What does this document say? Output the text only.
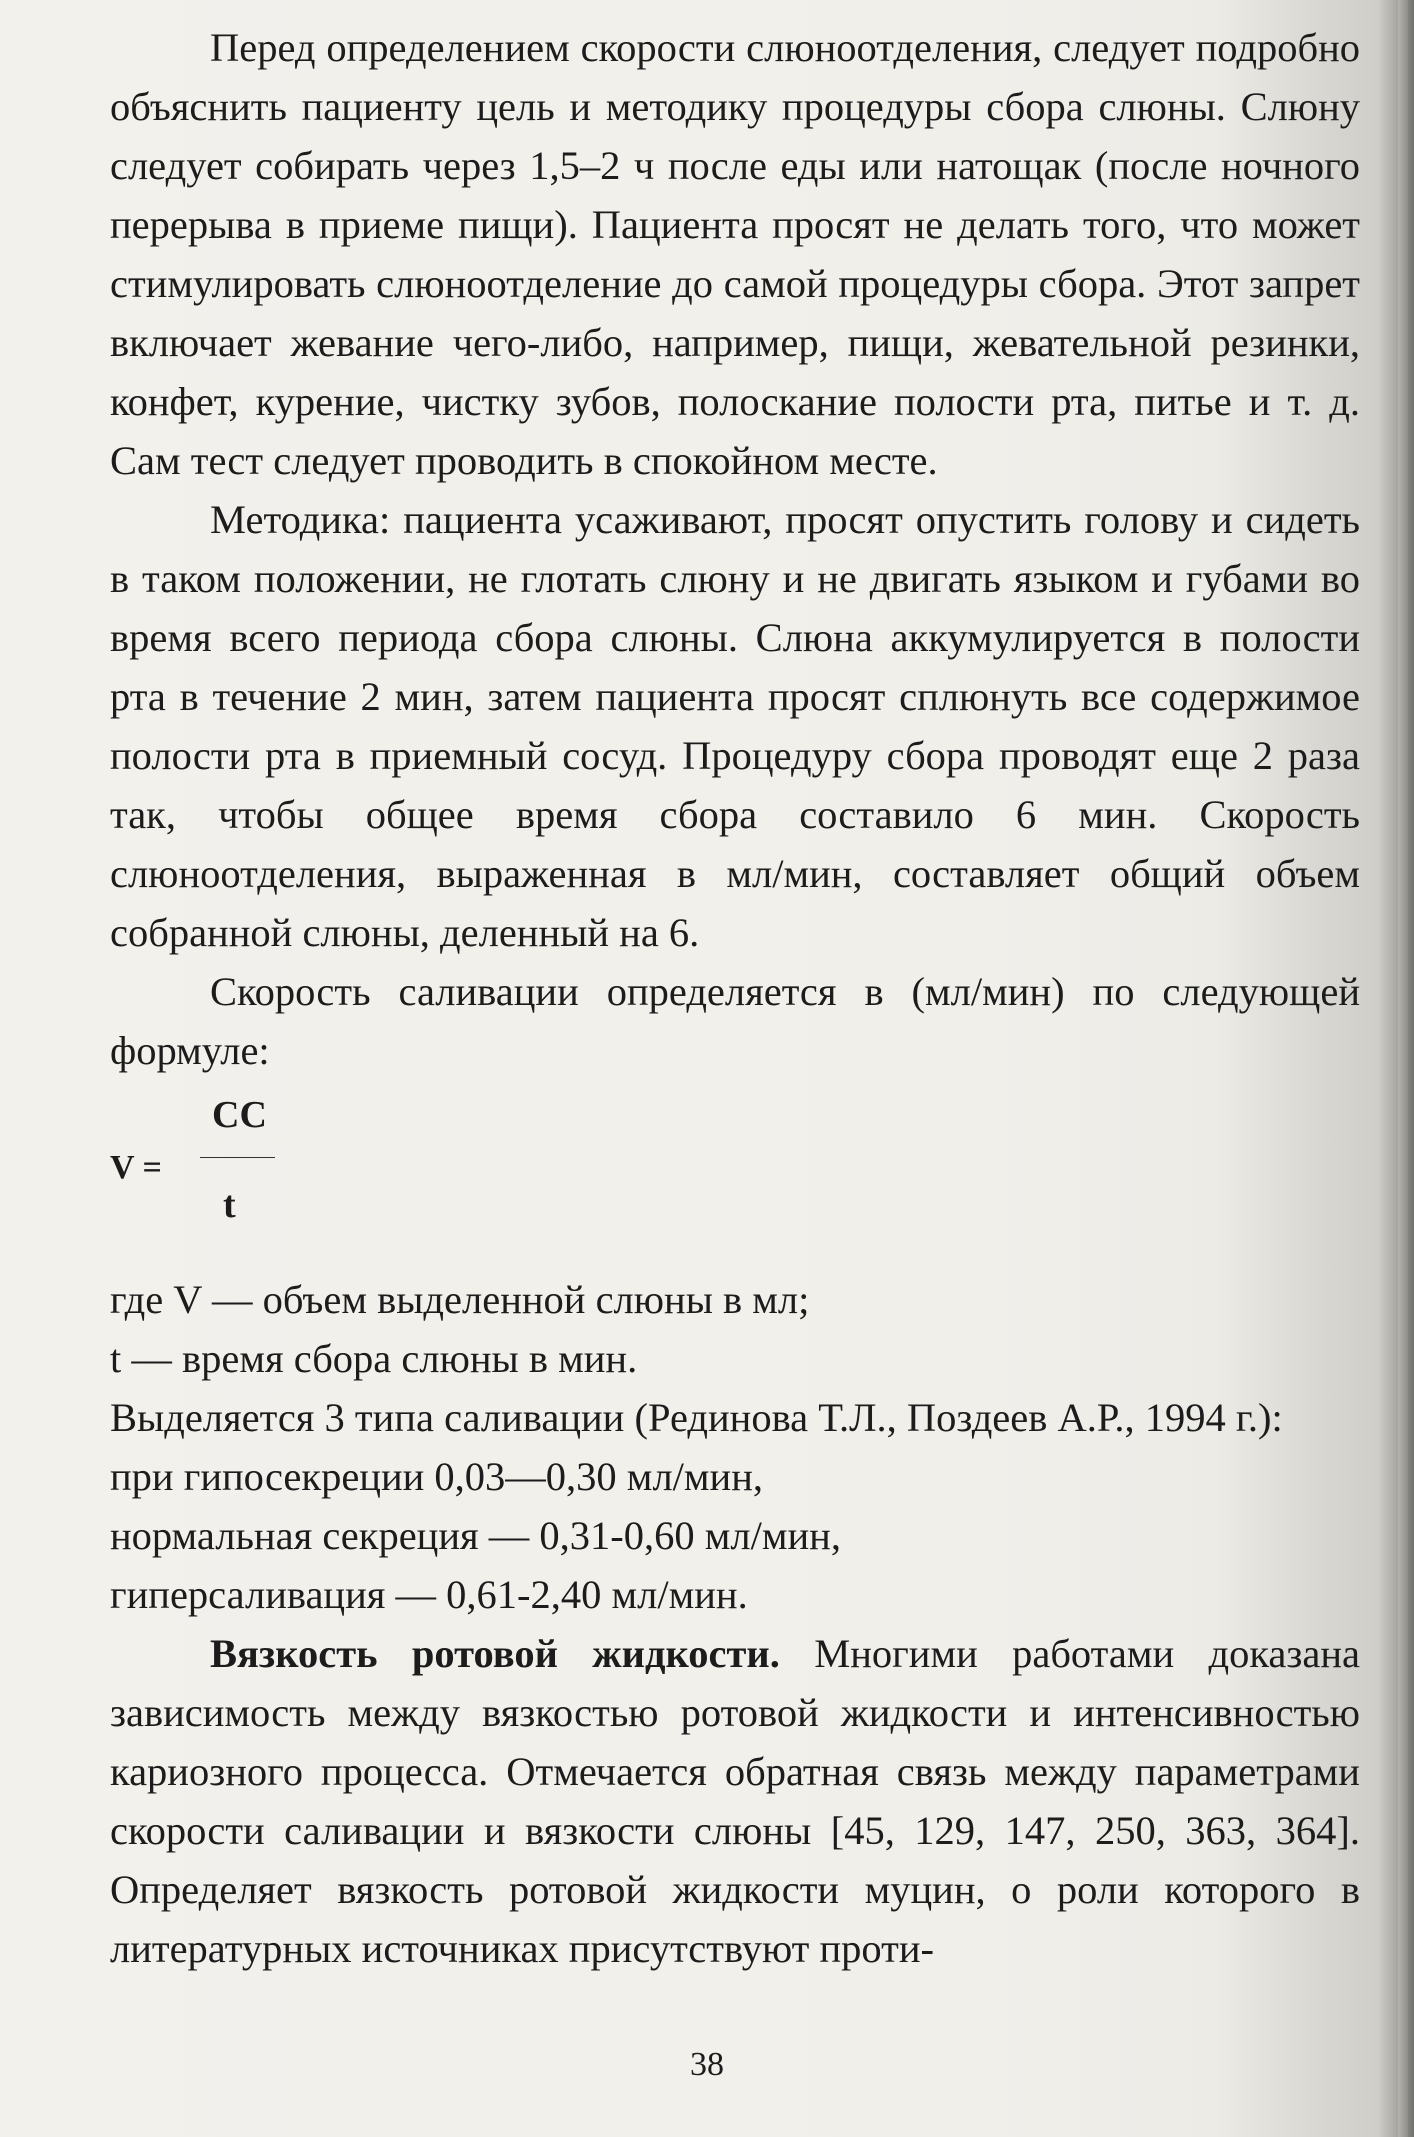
Перед определением скорости слюноотделения, следует подробно объяснить пациенту цель и методику процедуры сбора слюны. Слюну следует собирать через 1,5–2 ч после еды или натощак (после ночного перерыва в приеме пищи). Пациента просят не делать того, что может стимулировать слюноотделение до самой процедуры сбора. Этот запрет включает жевание чего-либо, например, пищи, жевательной резинки, конфет, курение, чистку зубов, полоскание полости рта, питье и т. д. Сам тест следует проводить в спокойном месте.

Методика: пациента усаживают, просят опустить голову и сидеть в таком положении, не глотать слюну и не двигать языком и губами во время всего периода сбора слюны. Слюна аккумулируется в полости рта в течение 2 мин, затем пациента просят сплюнуть все содержимое полости рта в приемный сосуд. Процедуру сбора проводят еще 2 раза так, чтобы общее время сбора составило 6 мин. Скорость слюноотделения, выраженная в мл/мин, составляет общий объем собранной слюны, деленный на 6.

Скорость саливации определяется в (мл/мин) по следующей формуле:

V =
СС
t

где V — объем выделенной слюны в мл;

t — время сбора слюны в мин.

Выделяется 3 типа саливации (Рединова Т.Л., Поздеев А.Р., 1994 г.):

при гипосекреции 0,03—0,30 мл/мин,

нормальная секреция — 0,31-0,60 мл/мин,

гиперсаливация — 0,61-2,40 мл/мин.

Вязкость ротовой жидкости. Многими работами доказана зависимость между вязкостью ротовой жидкости и интенсивностью кариозного процесса. Отмечается обратная связь между параметрами скорости саливации и вязкости слюны [45, 129, 147, 250, 363, 364]. Определяет вязкость ротовой жидкости муцин, о роли которого в литературных источниках присутствуют проти-

38
